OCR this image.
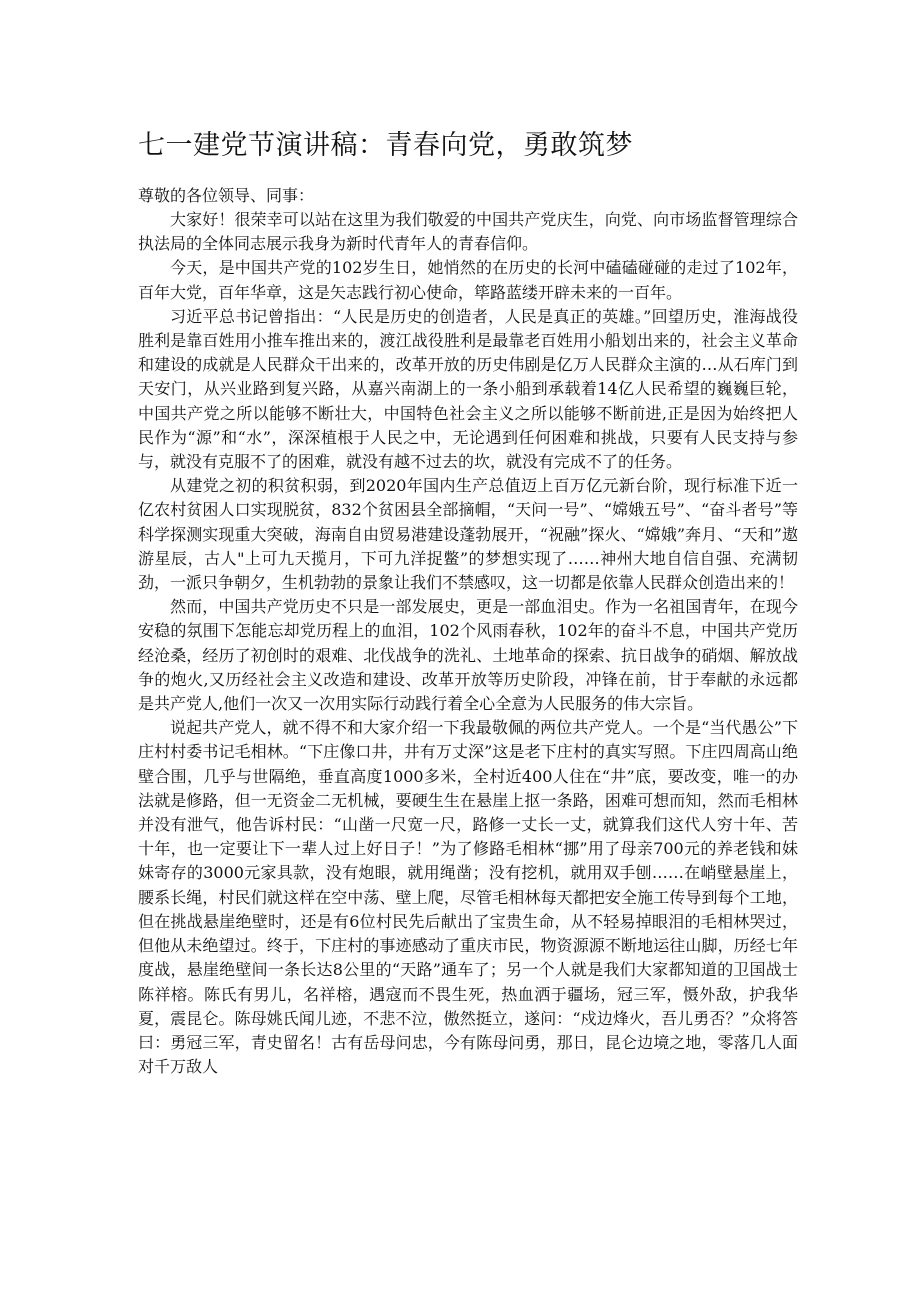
七一建党节演讲稿：青春向党，勇敢筑梦

尊敬的各位领导、同事：

大家好！很荣幸可以站在这里为我们敬爱的中国共产党庆生，向党、向市场监督管理综合执法局的全体同志展示我身为新时代青年人的青春信仰。

今天，是中国共产党的102岁生日，她悄然的在历史的长河中磕磕碰碰的走过了102年，百年大党，百年华章，这是矢志践行初心使命，筚路蓝缕开辟未来的一百年。

习近平总书记曾指出：“人民是历史的创造者，人民是真正的英雄。”回望历史，淮海战役胜利是靠百姓用小推车推出来的，渡江战役胜利是最靠老百姓用小船划出来的，社会主义革命和建设的成就是人民群众干出来的，改革开放的历史伟剧是亿万人民群众主演的…从石库门到天安门，从兴业路到复兴路，从嘉兴南湖上的一条小船到承载着14亿人民希望的巍巍巨轮，中国共产党之所以能够不断壮大，中国特色社会主义之所以能够不断前进,正是因为始终把人民作为“源”和“水”，深深植根于人民之中，无论遇到任何困难和挑战，只要有人民支持与参与，就没有克服不了的困难，就没有越不过去的坎，就没有完成不了的任务。

从建党之初的积贫积弱，到2020年国内生产总值迈上百万亿元新台阶，现行标准下近一亿农村贫困人口实现脱贫，832个贫困县全部摘帽，“天问一号”、“嫦娥五号”、“奋斗者号”等科学探测实现重大突破，海南自由贸易港建设蓬勃展开，“祝融”探火、“嫦娥”奔月、“天和”遨游星辰，古人"上可九天揽月，下可九洋捉鳖”的梦想实现了……神州大地自信自强、充满韧劲，一派只争朝夕，生机勃勃的景象让我们不禁感叹，这一切都是依靠人民群众创造出来的！

然而，中国共产党历史不只是一部发展史，更是一部血泪史。作为一名祖国青年，在现今安稳的氛围下怎能忘却党历程上的血泪，102个风雨春秋，102年的奋斗不息，中国共产党历经沧桑，经历了初创时的艰难、北伐战争的洗礼、土地革命的探索、抗日战争的硝烟、解放战争的炮火,又历经社会主义改造和建设、改革开放等历史阶段，冲锋在前，甘于奉献的永远都是共产党人,他们一次又一次用实际行动践行着全心全意为人民服务的伟大宗旨。

说起共产党人，就不得不和大家介绍一下我最敬佩的两位共产党人。一个是“当代愚公”下庄村村委书记毛相林。“下庄像口井，井有万丈深”这是老下庄村的真实写照。下庄四周高山绝壁合围，几乎与世隔绝，垂直高度1000多米，全村近400人住在“井”底，要改变，唯一的办法就是修路，但一无资金二无机械，要硬生生在悬崖上抠一条路，困难可想而知，然而毛相林并没有泄气，他告诉村民：“山凿一尺宽一尺，路修一丈长一丈，就算我们这代人穷十年、苦十年，也一定要让下一辈人过上好日子！”为了修路毛相林“挪”用了母亲700元的养老钱和妹妹寄存的3000元家具款，没有炮眼，就用绳凿；没有挖机，就用双手刨……在峭壁悬崖上，腰系长绳，村民们就这样在空中荡、壁上爬，尽管毛相林每天都把安全施工传导到每个工地，但在挑战悬崖绝壁时，还是有6位村民先后献出了宝贵生命，从不轻易掉眼泪的毛相林哭过，但他从未绝望过。终于，下庄村的事迹感动了重庆市民，物资源源不断地运往山脚，历经七年度战，悬崖绝壁间一条长达8公里的“天路”通车了；另一个人就是我们大家都知道的卫国战士陈祥榕。陈氏有男儿，名祥榕，遇寇而不畏生死，热血洒于疆场，冠三军，慑外敌，护我华夏，震昆仑。陈母姚氏闻儿迹，不悲不泣，傲然挺立，遂问：“戍边烽火，吾儿勇否？”众将答曰：勇冠三军，青史留名！古有岳母问忠，今有陈母问勇，那日，昆仑边境之地，零落几人面对千万敌人
